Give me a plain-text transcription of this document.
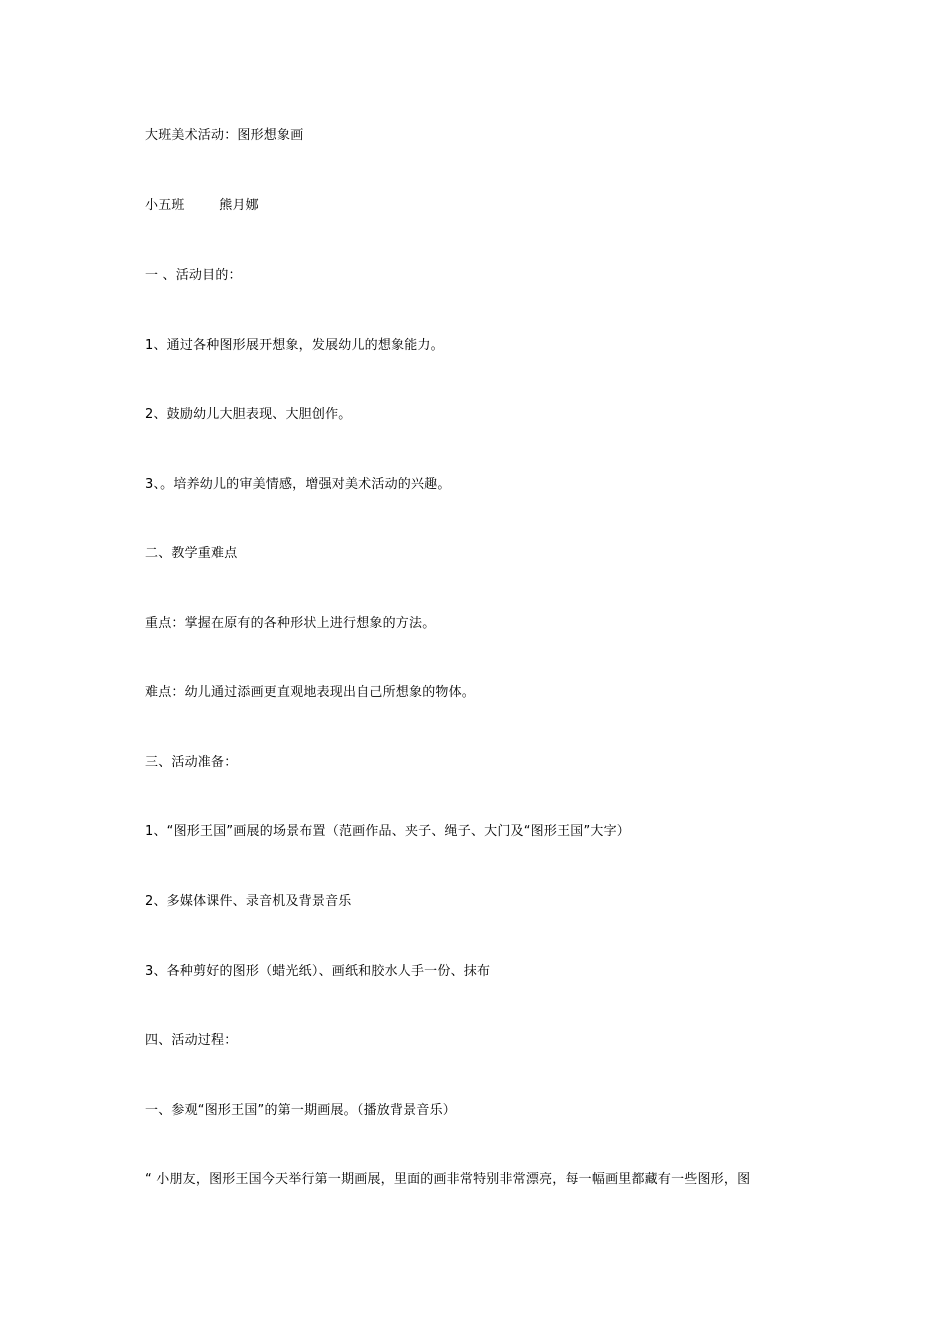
大班美术活动：图形想象画
小五班        熊月娜
一 、活动目的：
1、通过各种图形展开想象，发展幼儿的想象能力。
2、鼓励幼儿大胆表现、大胆创作。
3、。培养幼儿的审美情感，增强对美术活动的兴趣。
二、教学重难点
重点：掌握在原有的各种形状上进行想象的方法。
难点：幼儿通过添画更直观地表现出自己所想象的物体。
三、活动准备：
1、“图形王国”画展的场景布置（范画作品、夹子、绳子、大门及“图形王国”大字）
2、多媒体课件、录音机及背景音乐
3、各种剪好的图形（蜡光纸）、画纸和胶水人手一份、抹布
四、活动过程：
一、参观“图形王国”的第一期画展。（播放背景音乐）
“ 小朋友，图形王国今天举行第一期画展，里面的画非常特别非常漂亮，每一幅画里都藏有一些图形，图
